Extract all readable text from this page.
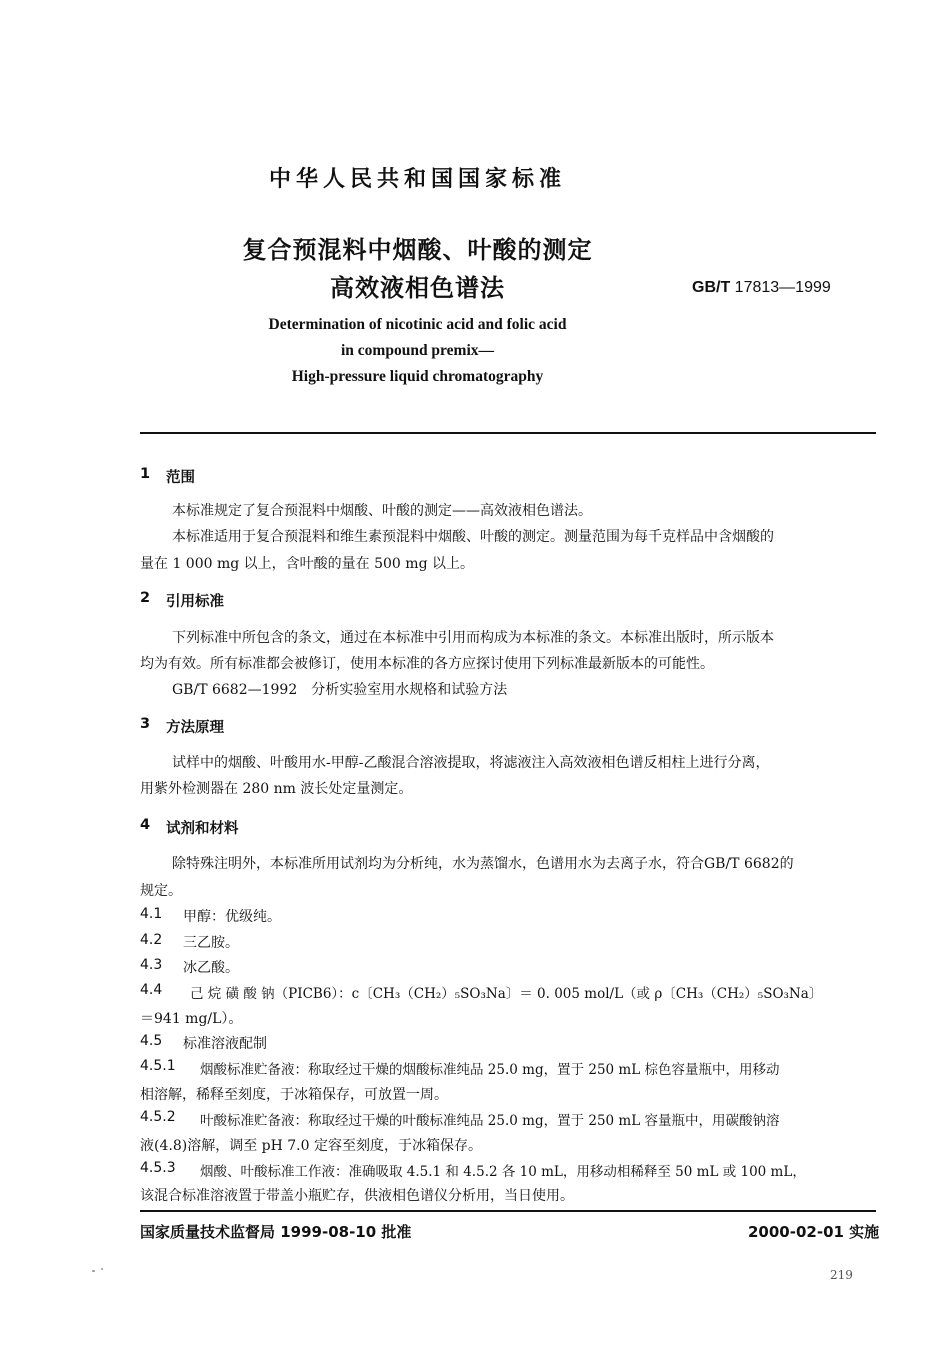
中华人民共和国国家标准
复合预混料中烟酸、叶酸的测定
高效液相色谱法	GB/T 17813—1999
Determination of nicotinic acid and folic acid
in compound premix—
High-pressure liquid chromatography
1 范围
本标准规定了复合预混料中烟酸、叶酸的测定——高效液相色谱法。
本标准适用于复合预混料和维生素预混料中烟酸、叶酸的测定。测量范围为每千克样品中含烟酸的
量在 1 000 mg 以上，含叶酸的量在 500 mg 以上。
2 引用标准
下列标准中所包含的条文，通过在本标准中引用而构成为本标准的条文。本标准出版时，所示版本
均为有效。所有标准都会被修订，使用本标准的各方应探讨使用下列标准最新版本的可能性。
GB/T 6682—1992　分析实验室用水规格和试验方法
3 方法原理
试样中的烟酸、叶酸用水-甲醇-乙酸混合溶液提取，将滤液注入高效液相色谱反相柱上进行分离，
用紫外检测器在 280 nm 波长处定量测定。
4 试剂和材料
除特殊注明外，本标准所用试剂均为分析纯，水为蒸馏水，色谱用水为去离子水，符合GB/T 6682的
规定。
4.1 甲醇：优级纯。
4.2 三乙胺。
4.3 冰乙酸。
4.4 己 烷 磺 酸 钠（PICB6）：c〔CH₃（CH₂）₅SO₃Na〕＝ 0. 005 mol/L（或 ρ〔CH₃（CH₂）₅SO₃Na〕
＝941 mg/L）。
4.5 标准溶液配制
4.5.1 烟酸标准贮备液：称取经过干燥的烟酸标准纯品 25.0 mg，置于 250 mL 棕色容量瓶中，用移动
相溶解，稀释至刻度，于冰箱保存，可放置一周。
4.5.2 叶酸标准贮备液：称取经过干燥的叶酸标准纯品 25.0 mg，置于 250 mL 容量瓶中，用碳酸钠溶
液(4.8)溶解，调至 pH 7.0 定容至刻度，于冰箱保存。
4.5.3 烟酸、叶酸标准工作液：准确吸取 4.5.1 和 4.5.2 各 10 mL，用移动相稀释至 50 mL 或 100 mL，
该混合标准溶液置于带盖小瓶贮存，供液相色谱仪分析用，当日使用。
国家质量技术监督局 1999-08-10 批准	2000-02-01 实施
219
